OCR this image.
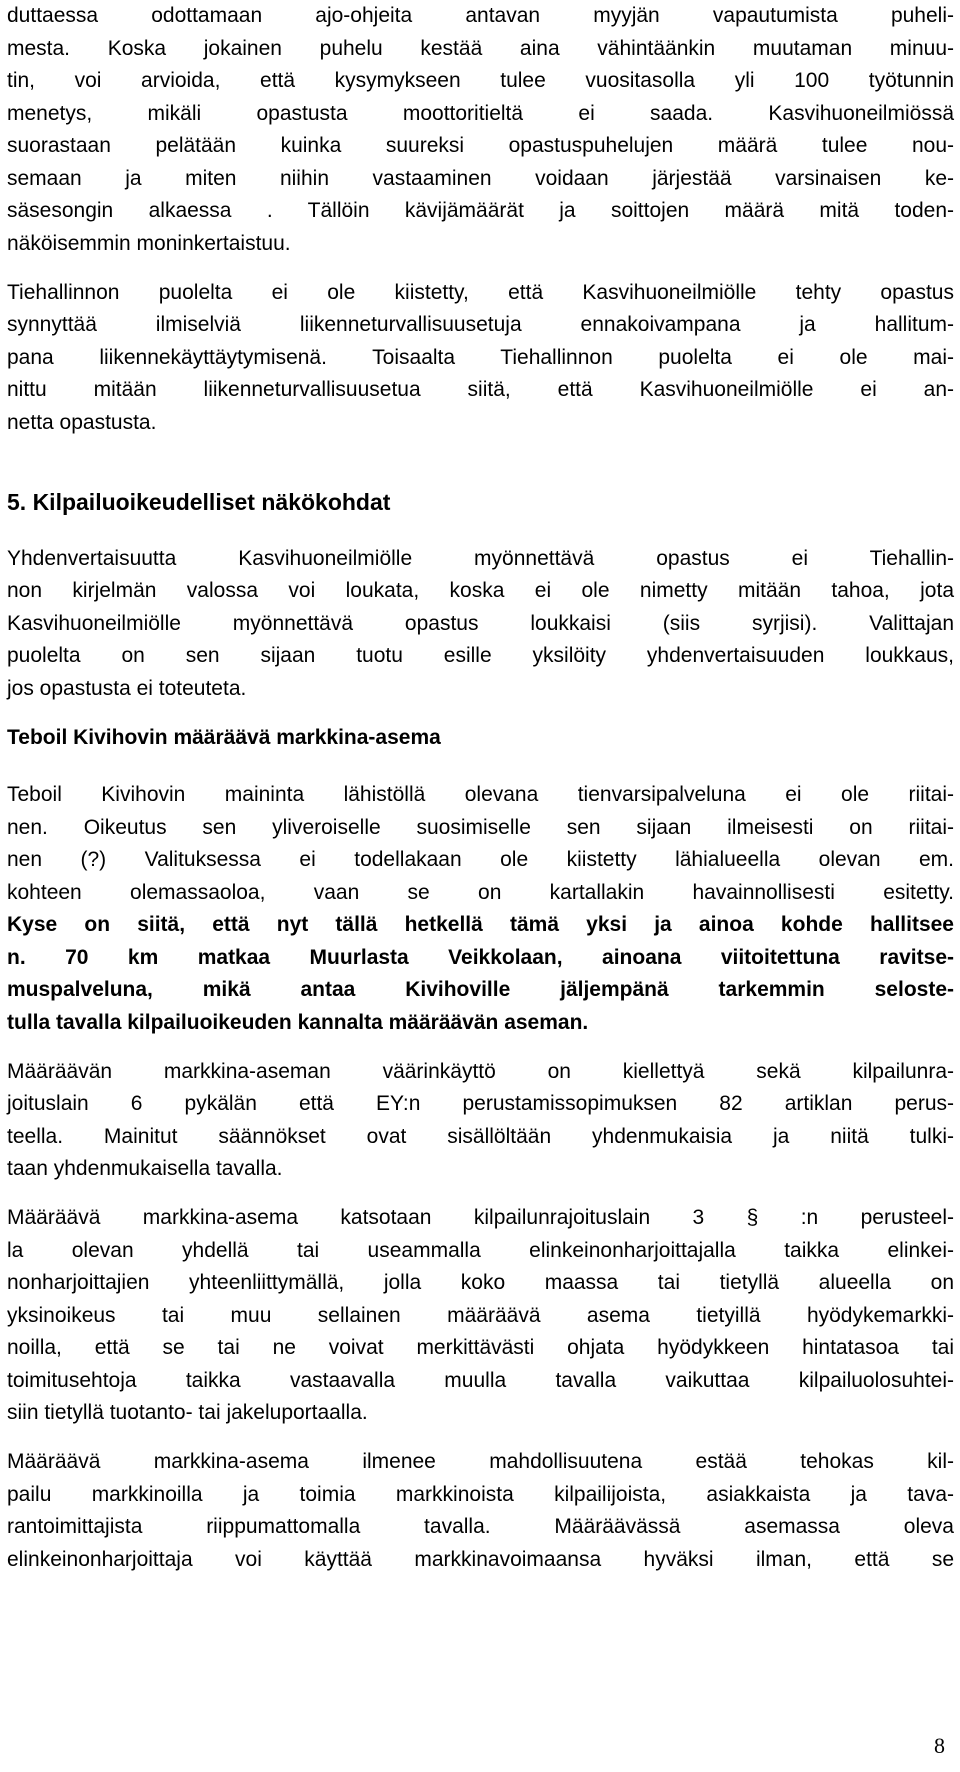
duttaessa odottamaan ajo-ohjeita antavan myyjän vapautumista puheli-
mesta. Koska jokainen puhelu kestää aina vähintäänkin muutaman minuu-
tin, voi arvioida, että kysymykseen tulee vuositasolla yli 100 työtunnin
menetys, mikäli opastusta moottoritieltä ei saada. Kasvihuoneilmiössä
suorastaan pelätään kuinka suureksi opastuspuhelujen määrä tulee nou-
semaan ja miten niihin vastaaminen voidaan järjestää varsinaisen ke-
säsesongin alkaessa . Tällöin kävijämäärät ja soittojen määrä mitä toden-
näköisemmin moninkertaistuu.
Tiehallinnon puolelta ei ole kiistetty, että Kasvihuoneilmiölle tehty opastus
synnyttää ilmiselviä liikenneturvallisuusetuja ennakoivampana ja hallitum-
pana liikennekäyttäytymisenä. Toisaalta Tiehallinnon puolelta ei ole mai-
nittu mitään liikenneturvallisuusetua siitä, että Kasvihuoneilmiölle ei an-
netta opastusta.
5. Kilpailuoikeudelliset näkökohdat
Yhdenvertaisuutta Kasvihuoneilmiölle myönnettävä opastus ei Tiehallin-
non kirjelmän valossa voi loukata, koska ei ole nimetty mitään tahoa, jota
Kasvihuoneilmiölle myönnettävä opastus loukkaisi (siis syrjisi). Valittajan
puolelta on sen sijaan tuotu esille yksilöity yhdenvertaisuuden loukkaus,
jos opastusta ei toteuteta.
Teboil Kivihovin määräävä markkina-asema
Teboil Kivihovin maininta lähistöllä olevana tienvarsipalveluna ei ole riitai-
nen. Oikeutus sen yliveroiselle suosimiselle sen sijaan ilmeisesti on riitai-
nen (?) Valituksessa ei todellakaan ole kiistetty lähialueella olevan em.
kohteen olemassaoloa, vaan se on kartallakin havainnollisesti esitetty.
Kyse on siitä, että nyt tällä hetkellä tämä yksi ja ainoa kohde hallitsee
n. 70 km matkaa Muurlasta Veikkolaan, ainoana viitoitettuna ravitse-
muspalveluna, mikä antaa Kivihoville jäljempänä tarkemmin seloste-
tulla tavalla kilpailuoikeuden kannalta määräävän aseman.
Määräävän markkina-aseman väärinkäyttö on kiellettyä sekä kilpailunra-
joituslain 6 pykälän että EY:n perustamissopimuksen 82 artiklan perus-
teella. Mainitut säännökset ovat sisällöltään yhdenmukaisia ja niitä tulki-
taan yhdenmukaisella tavalla.
Määräävä markkina-asema katsotaan kilpailunrajoituslain 3 § :n perusteel-
la olevan yhdellä tai useammalla elinkeinonharjoittajalla taikka elinkei-
nonharjoittajien yhteenliittymällä, jolla koko maassa tai tietyllä alueella on
yksinoikeus tai muu sellainen määräävä asema tietyillä hyödykemarkki-
noilla, että se tai ne voivat merkittävästi ohjata hyödykkeen hintatasoa tai
toimitusehtoja taikka vastaavalla muulla tavalla vaikuttaa kilpailuolosuhtei-
siin tietyllä tuotanto- tai jakeluportaalla.
Määräävä markkina-asema ilmenee mahdollisuutena estää tehokas kil-
pailu markkinoilla ja toimia markkinoista kilpailijoista, asiakkaista ja tava-
rantoimittajista riippumattomalla tavalla. Määräävässä asemassa oleva
elinkeinonharjoittaja voi käyttää markkinavoimaansa hyväksi ilman, että se
8
